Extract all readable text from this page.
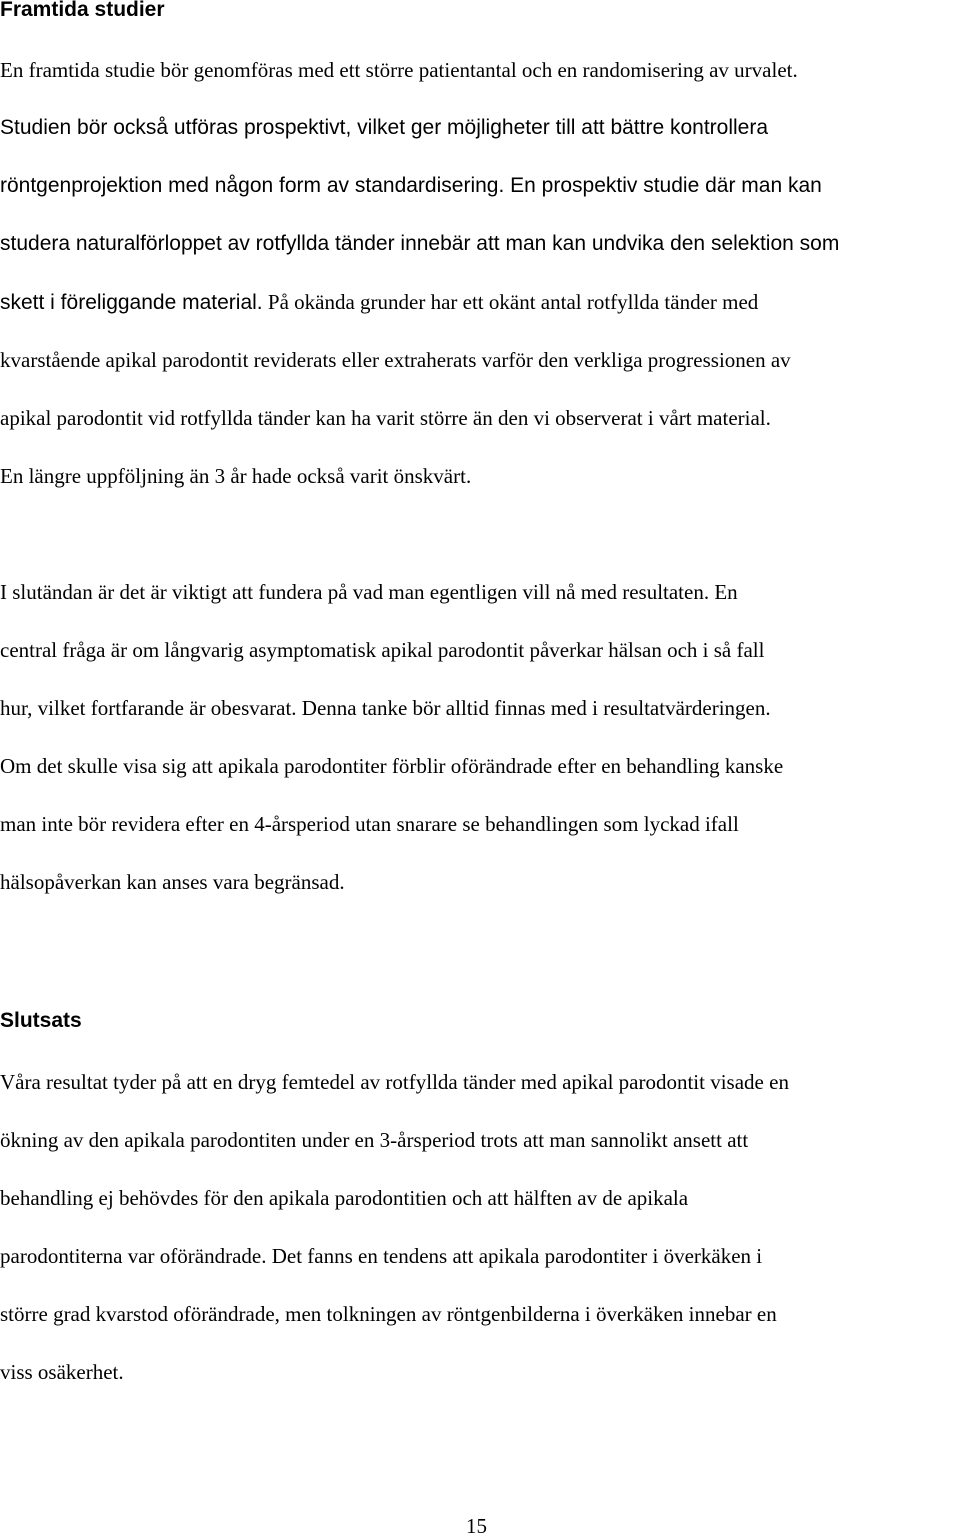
Framtida studier

En framtida studie bör genomföras med ett större patientantal och en randomisering av urvalet.

Studien bör också utföras prospektivt, vilket ger möjligheter till att bättre kontrollera

röntgenprojektion med någon form av standardisering. En prospektiv studie där man kan

studera naturalförloppet av rotfyllda tänder innebär att man kan undvika den selektion som

skett i föreliggande material. På okända grunder har ett okänt antal rotfyllda tänder med

kvarstående apikal parodontit reviderats eller extraherats varför den verkliga progressionen av

apikal parodontit vid rotfyllda tänder kan ha varit större än den vi observerat i vårt material.

En längre uppföljning än 3 år hade också varit önskvärt.

I slutändan är det är viktigt att fundera på vad man egentligen vill nå med resultaten. En

central fråga är om långvarig asymptomatisk apikal parodontit påverkar hälsan och i så fall

hur, vilket fortfarande är obesvarat. Denna tanke bör alltid finnas med i resultatvärderingen.

Om det skulle visa sig att apikala parodontiter förblir oförändrade efter en behandling kanske

man inte bör revidera efter en 4-årsperiod utan snarare se behandlingen som lyckad ifall

hälsopåverkan kan anses vara begränsad.

Slutsats

Våra resultat tyder på att en dryg femtedel av rotfyllda tänder med apikal parodontit visade en

ökning av den apikala parodontiten under en 3-årsperiod trots att man sannolikt ansett att

behandling ej behövdes för den apikala parodontitien och att hälften av de apikala

parodontiterna var oförändrade. Det fanns en tendens att apikala parodontiter i överkäken i

större grad kvarstod oförändrade, men tolkningen av röntgenbilderna i överkäken innebar en

viss osäkerhet.

15
